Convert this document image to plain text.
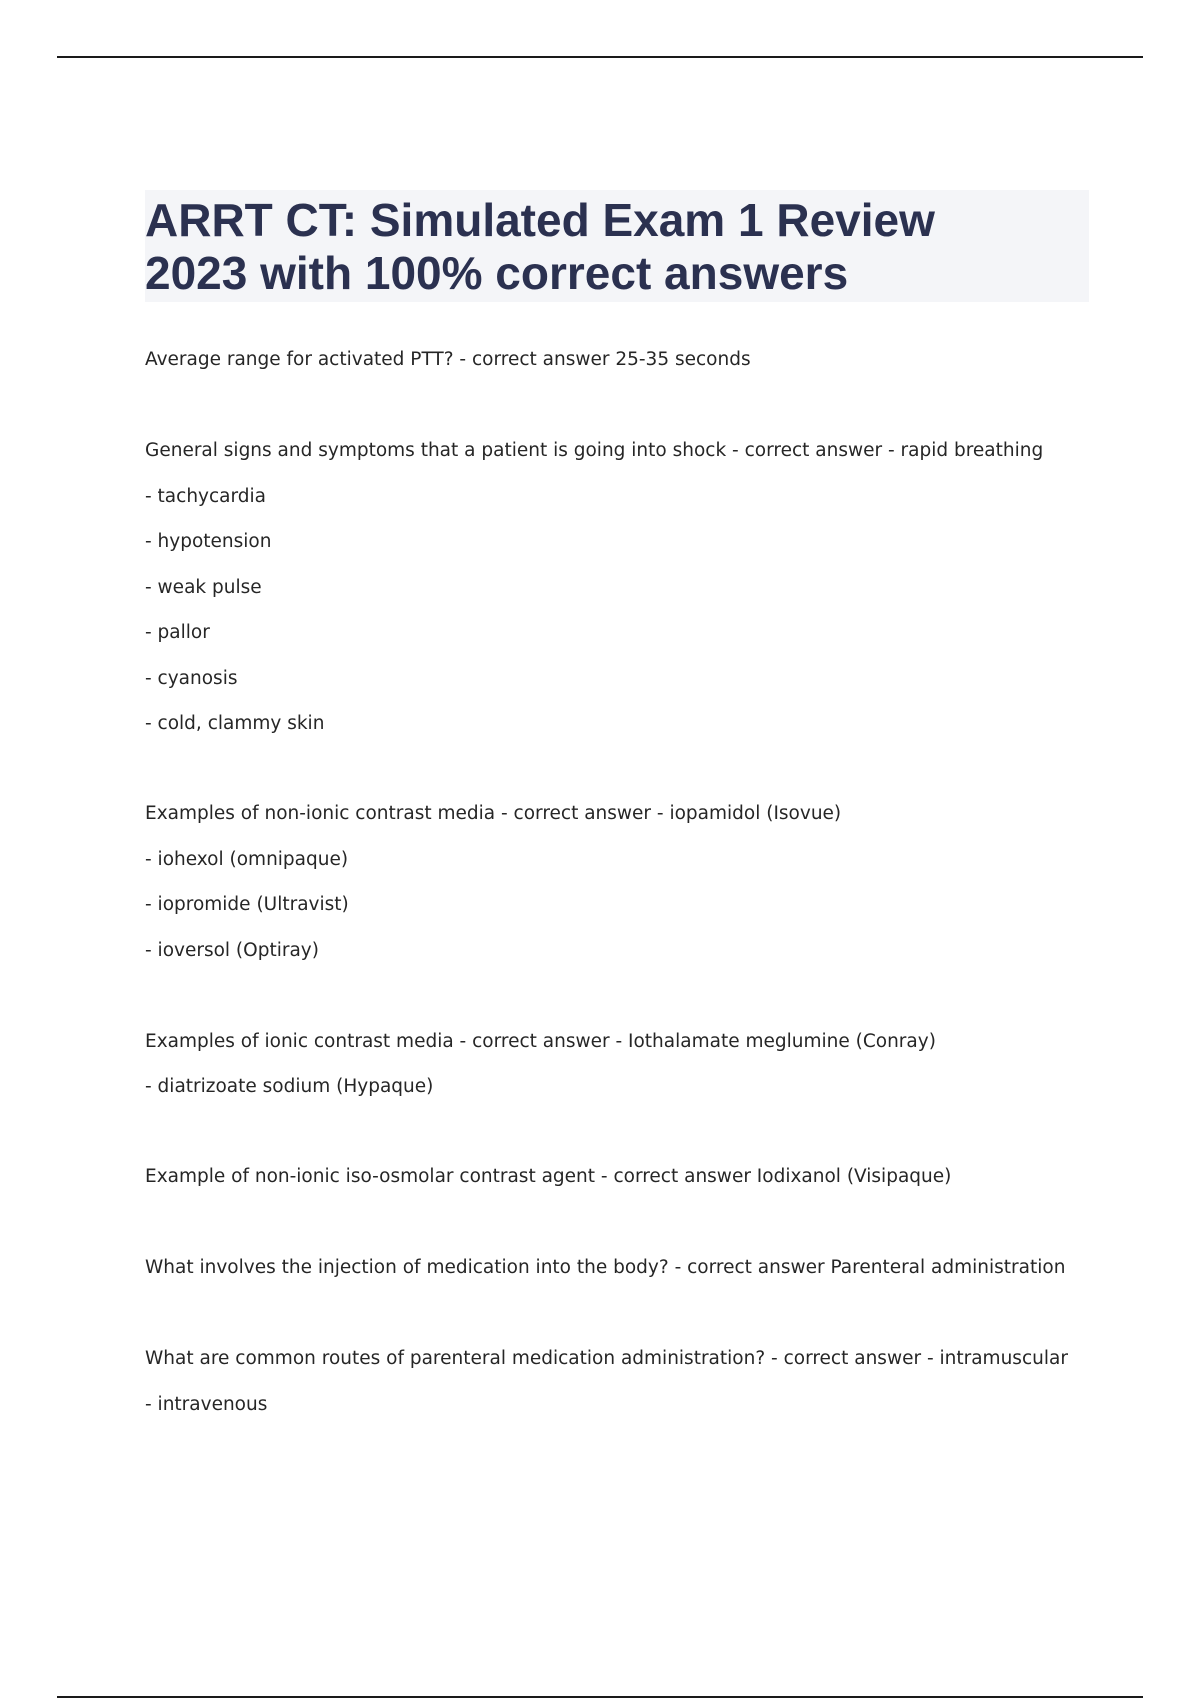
ARRT CT: Simulated Exam 1 Review
2023 with 100% correct answers
Average range for activated PTT? - correct answer 25-35 seconds
General signs and symptoms that a patient is going into shock - correct answer - rapid breathing
- tachycardia
- hypotension
- weak pulse
- pallor
- cyanosis
- cold, clammy skin
Examples of non-ionic contrast media - correct answer - iopamidol (Isovue)
- iohexol (omnipaque)
- iopromide (Ultravist)
- ioversol (Optiray)
Examples of ionic contrast media - correct answer - Iothalamate meglumine (Conray)
- diatrizoate sodium (Hypaque)
Example of non-ionic iso-osmolar contrast agent - correct answer Iodixanol (Visipaque)
What involves the injection of medication into the body? - correct answer Parenteral administration
What are common routes of parenteral medication administration? - correct answer - intramuscular
- intravenous
